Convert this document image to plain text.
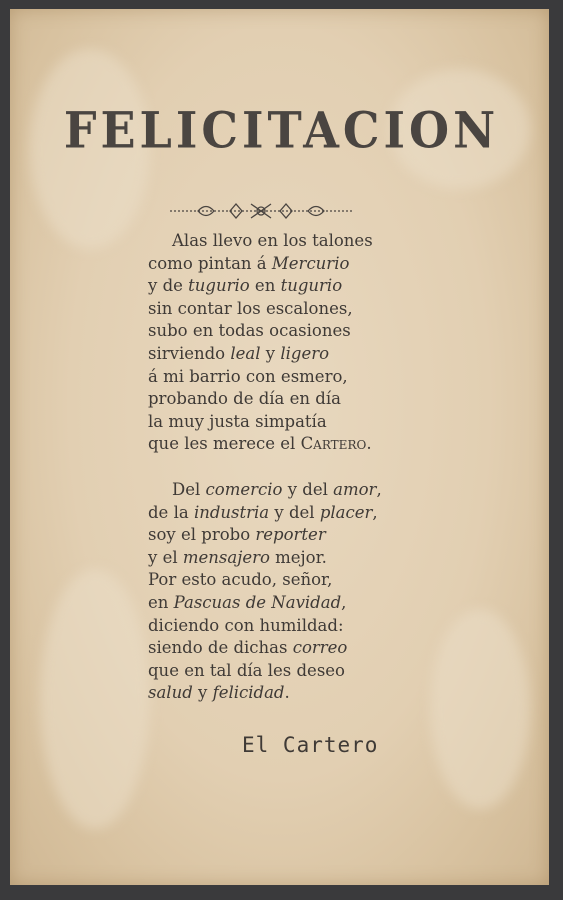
FELICITACION
Alas llevo en los talones
como pintan á Mercurio
y de tugurio en tugurio
sin contar los escalones,
subo en todas ocasiones
sirviendo leal y ligero
á mi barrio con esmero,
probando de día en día
la muy justa simpatía
que les merece el Cartero.
Del comercio y del amor,
de la industria y del placer,
soy el probo reporter
y el mensajero mejor.
Por esto acudo, señor,
en Pascuas de Navidad,
diciendo con humildad:
siendo de dichas correo
que en tal día les deseo
salud y felicidad.
El Cartero
